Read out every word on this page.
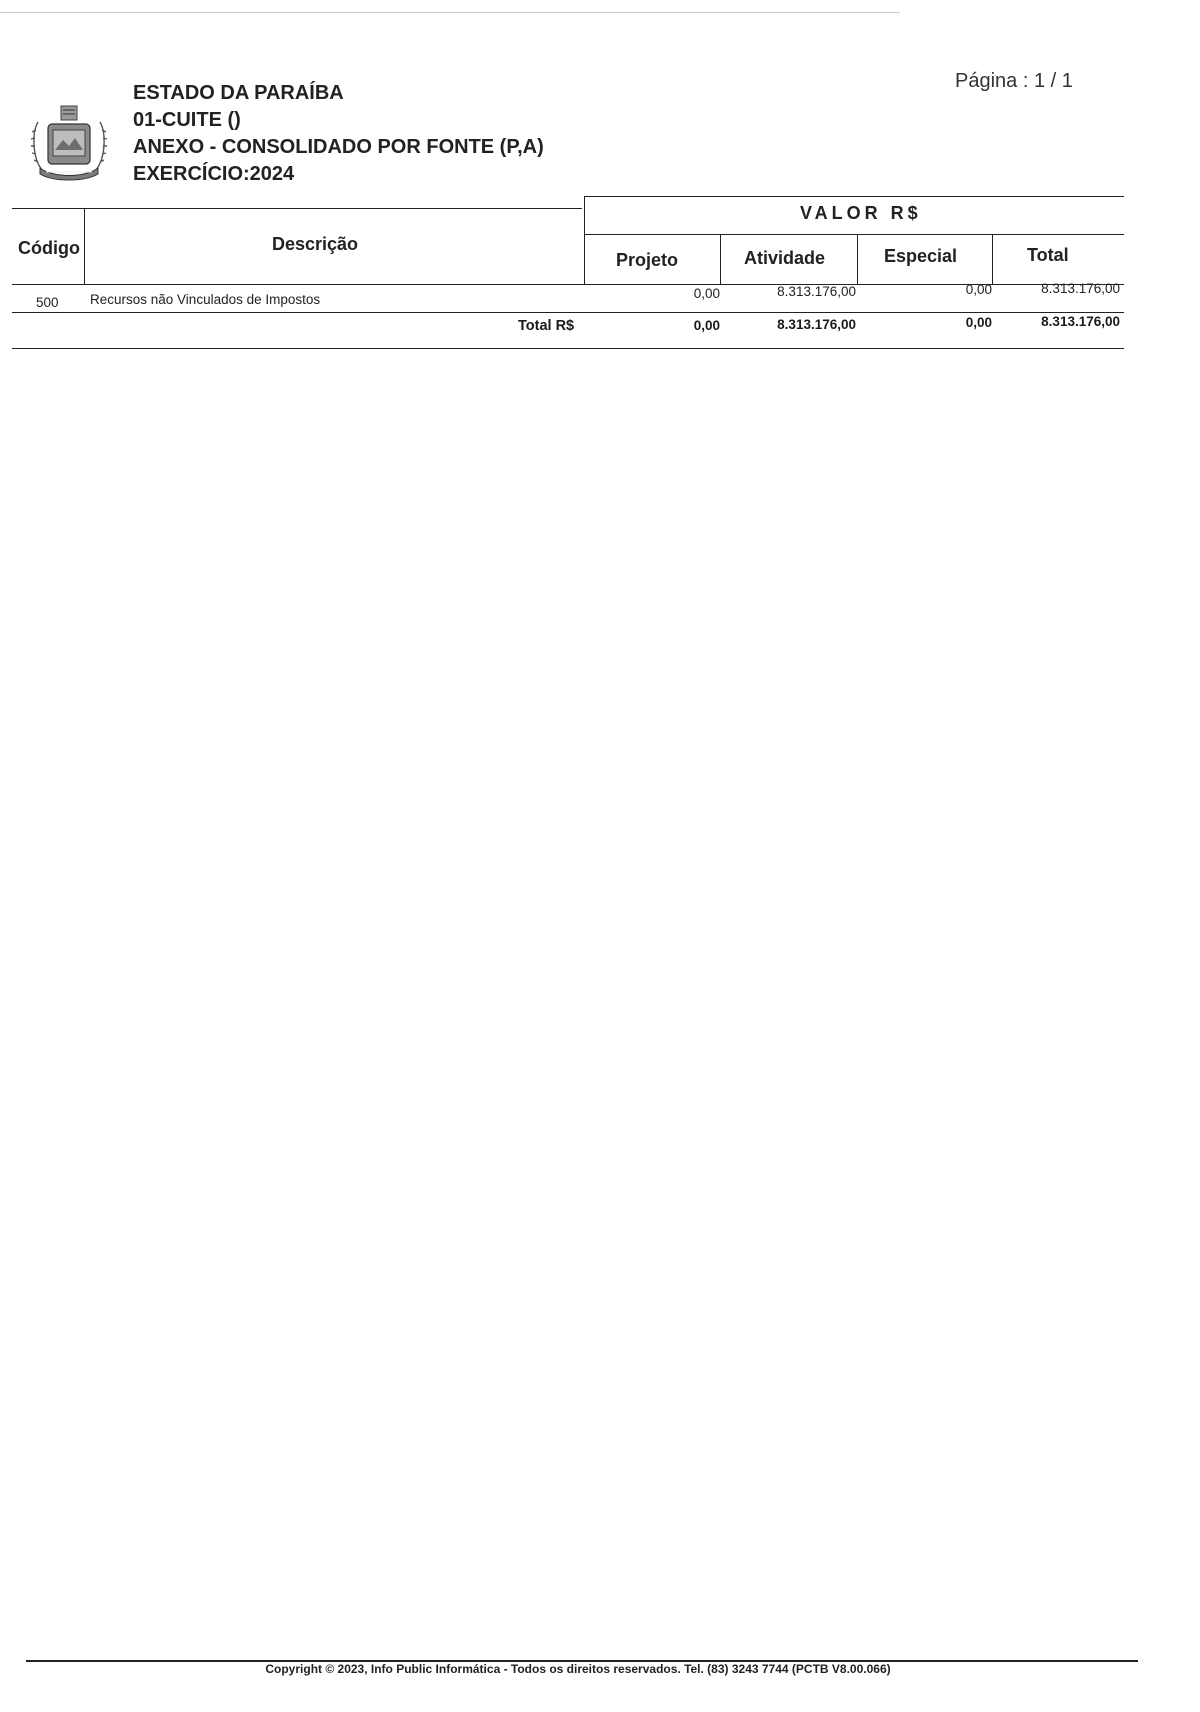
ESTADO DA PARAÍBA
01-CUITE ()
ANEXO - CONSOLIDADO POR FONTE (P,A)
EXERCÍCIO:2024
Página : 1 / 1
Código	Descrição
VALOR R$
Projeto	Atividade	Especial	Total
500 Recursos não Vinculados de Impostos	0,00	8.313.176,00	0,00	8.313.176,00
Total R$	0,00	8.313.176,00	0,00	8.313.176,00
Copyright © 2023, Info Public Informática - Todos os direitos reservados. Tel. (83) 3243 7744 (PCTB V8.00.066)
